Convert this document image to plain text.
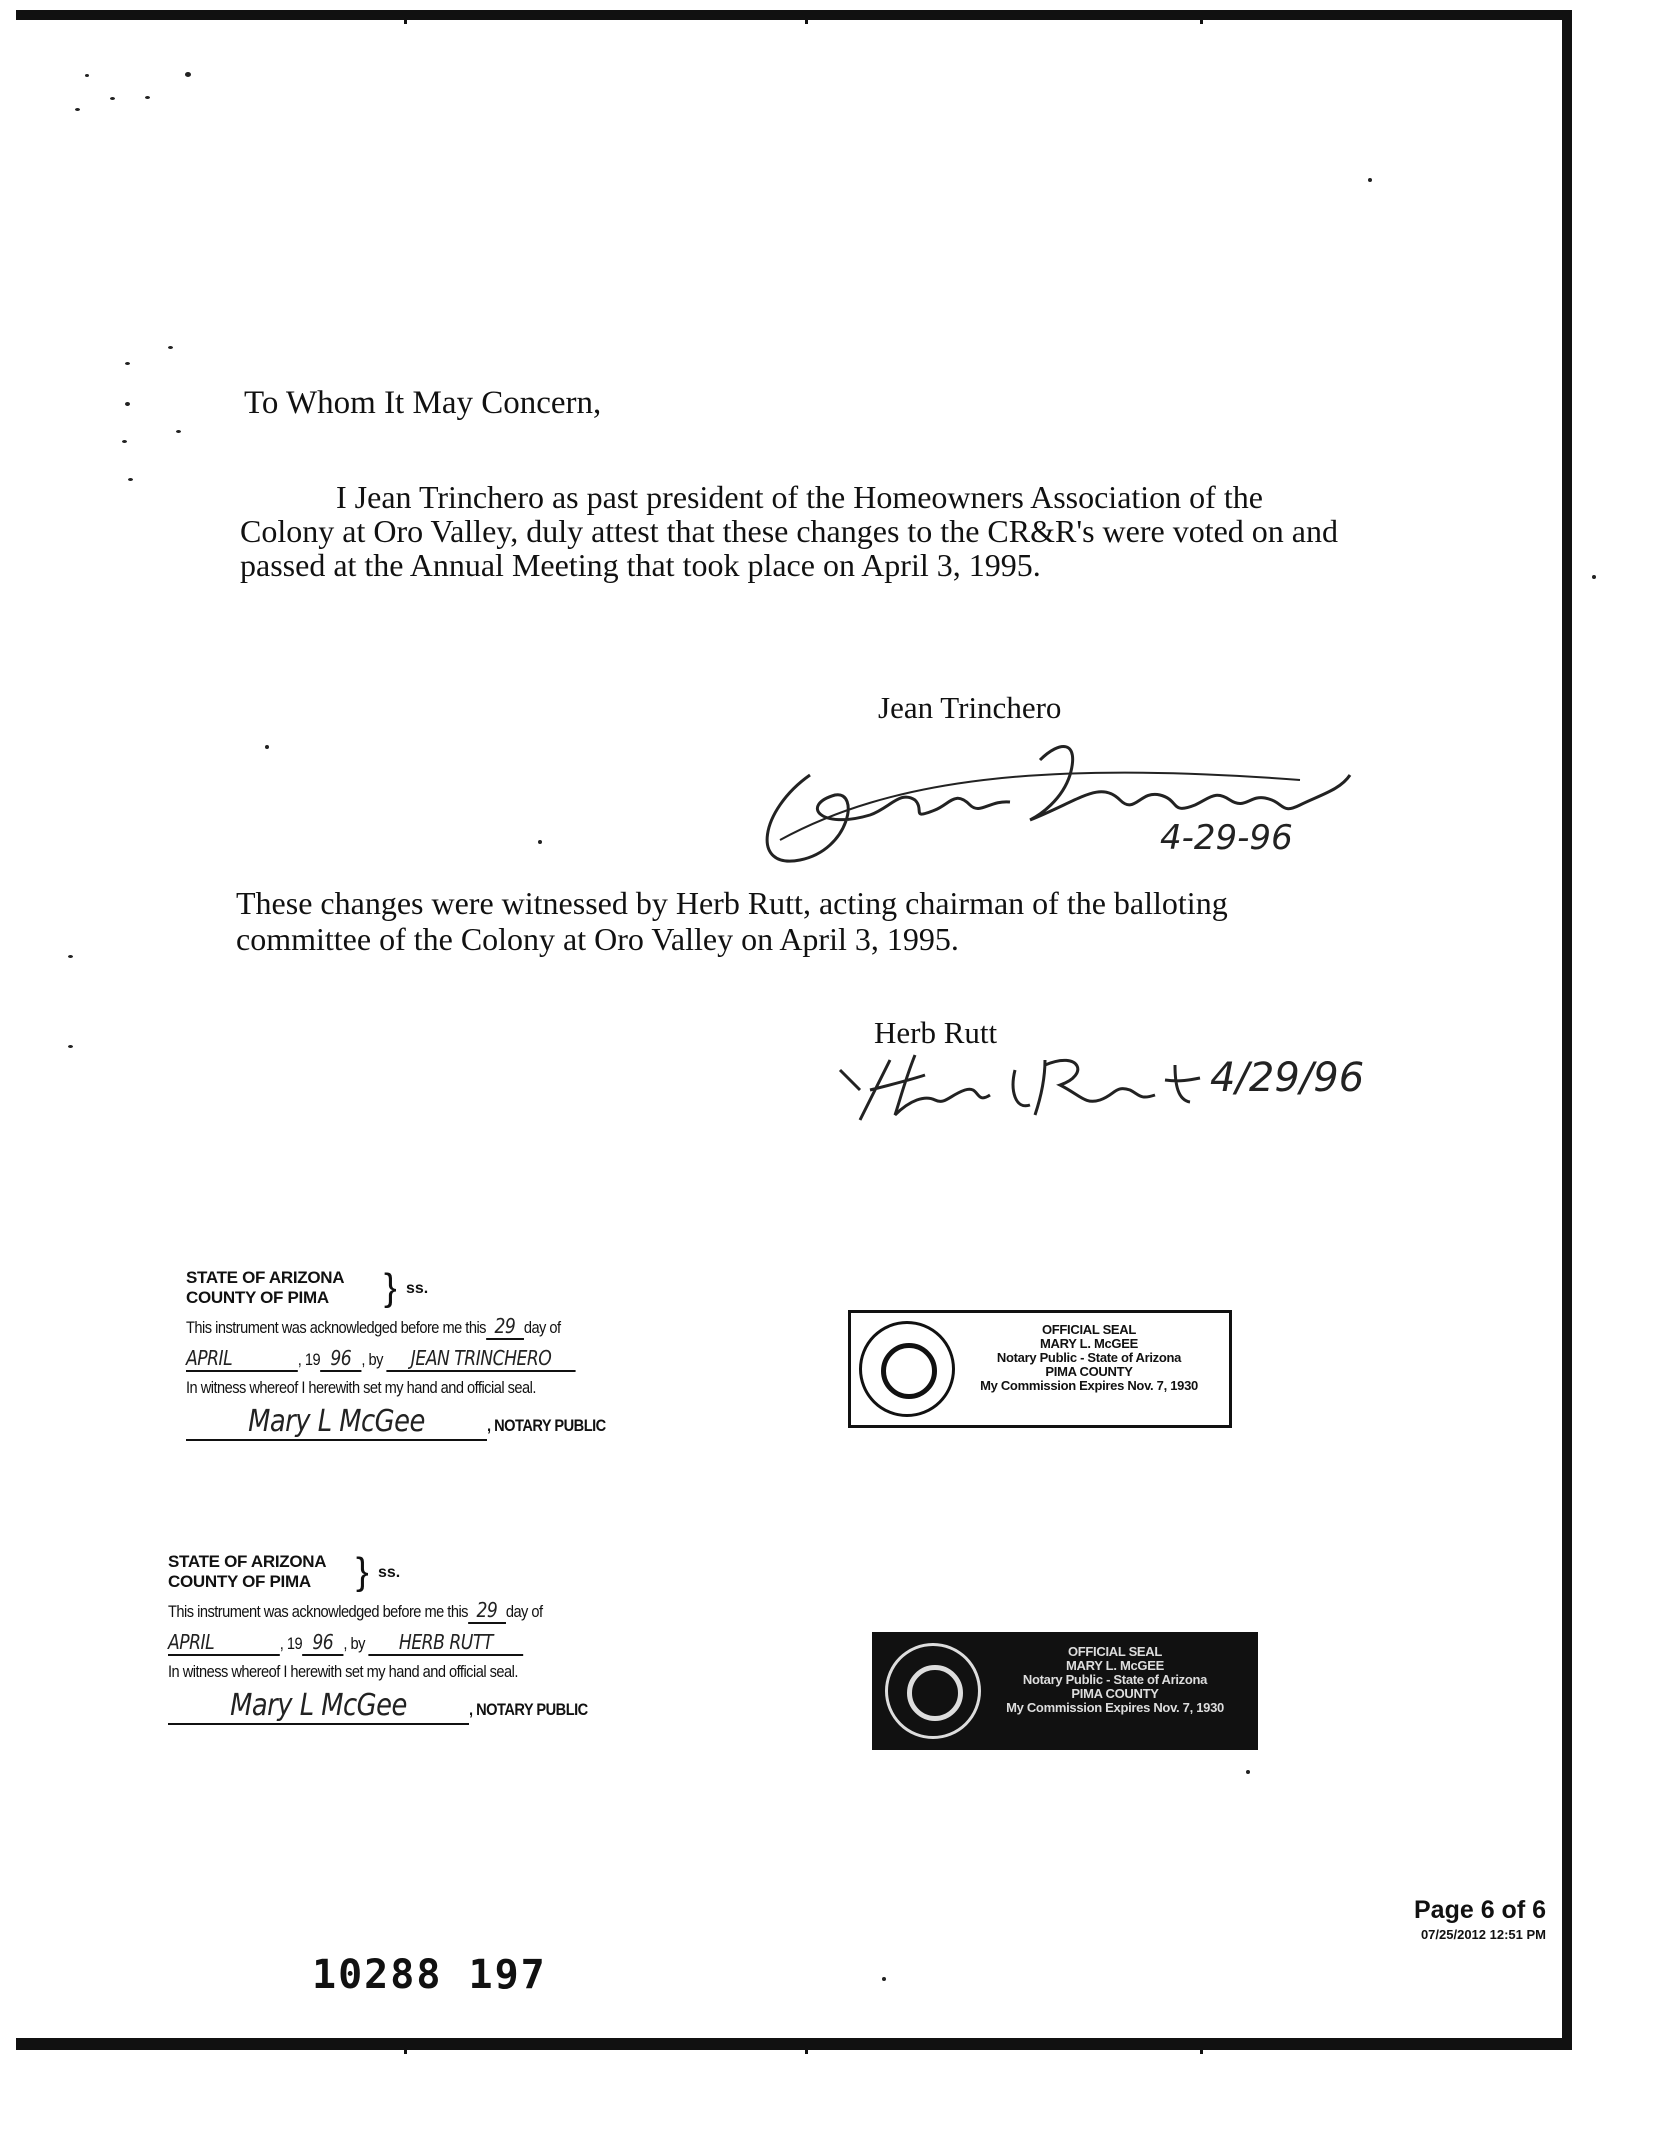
To Whom It May Concern,
I Jean Trinchero as past president of the Homeowners Association of the Colony at Oro Valley, duly attest that these changes to the CR&R's were voted on and passed at the Annual Meeting that took place on April 3, 1995.
Jean Trinchero
4-29-96
These changes were witnessed by Herb Rutt, acting chairman of the balloting committee of the Colony at Oro Valley on April 3, 1995.
Herb Rutt
4/29/96
STATE OF ARIZONA
COUNTY OF PIMA	} ss.
This instrument was acknowledged before me this 29 day of
APRIL	, 19 96 , by JEAN TRINCHERO
In witness whereof I herewith set my hand and official seal.
Mary L McGee	, NOTARY PUBLIC
OFFICIAL SEAL
MARY L. McGEE
Notary Public - State of Arizona
PIMA COUNTY
My Commission Expires Nov. 7, 1930
STATE OF ARIZONA
COUNTY OF PIMA	} ss.
This instrument was acknowledged before me this 29 day of
APRIL	, 19 96 , by HERB RUTT
In witness whereof I herewith set my hand and official seal.
Mary L McGee	, NOTARY PUBLIC
OFFICIAL SEAL
MARY L. McGEE
Notary Public - State of Arizona
PIMA COUNTY
My Commission Expires Nov. 7, 1930
Page 6 of 6
07/25/2012 12:51 PM
10288 197
